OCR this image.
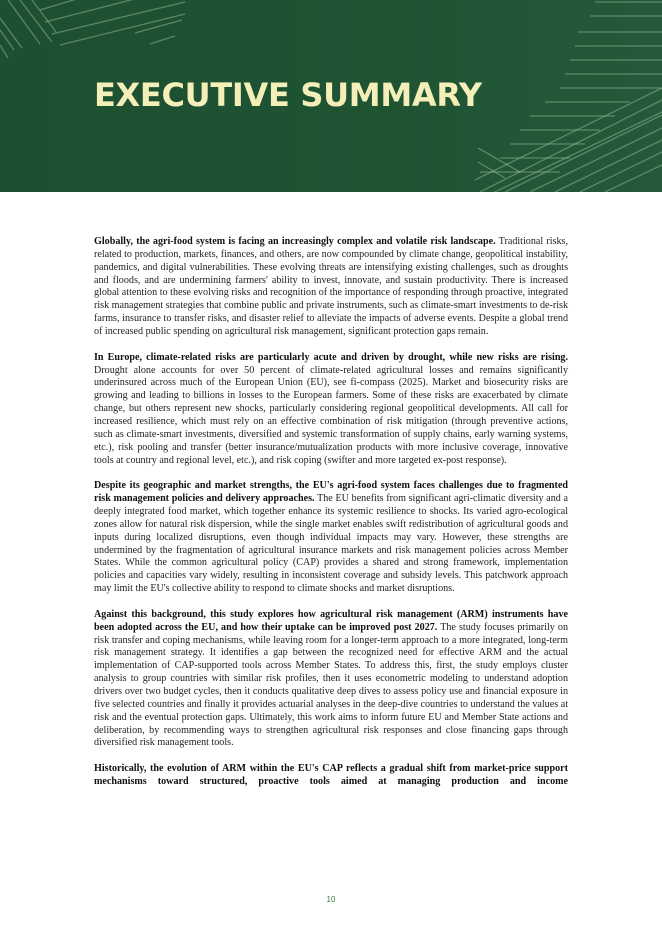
EXECUTIVE SUMMARY

Globally, the agri-food system is facing an increasingly complex and volatile risk landscape. Traditional risks, related to production, markets, finances, and others, are now compounded by climate change, geopolitical instability, pandemics, and digital vulnerabilities. These evolving threats are intensifying existing challenges, such as droughts and floods, and are undermining farmers' ability to invest, innovate, and sustain productivity. There is increased global attention to these evolving risks and recognition of the importance of responding through proactive, integrated risk management strategies that combine public and private instruments, such as climate-smart investments to de-risk farms, insurance to transfer risks, and disaster relief to alleviate the impacts of adverse events. Despite a global trend of increased public spending on agricultural risk management, significant protection gaps remain.

In Europe, climate-related risks are particularly acute and driven by drought, while new risks are rising. Drought alone accounts for over 50 percent of climate-related agricultural losses and remains significantly underinsured across much of the European Union (EU), see fi-compass (2025). Market and biosecurity risks are growing and leading to billions in losses to the European farmers. Some of these risks are exacerbated by climate change, but others represent new shocks, particularly considering regional geopolitical developments. All call for increased resilience, which must rely on an effective combination of risk mitigation (through preventive actions, such as climate-smart investments, diversified and systemic transformation of supply chains, early warning systems, etc.), risk pooling and transfer (better insurance/mutualization products with more inclusive coverage, innovative tools at country and regional level, etc.), and risk coping (swifter and more targeted ex-post response).

Despite its geographic and market strengths, the EU's agri-food system faces challenges due to fragmented risk management policies and delivery approaches. The EU benefits from significant agri-climatic diversity and a deeply integrated food market, which together enhance its systemic resilience to shocks. Its varied agro-ecological zones allow for natural risk dispersion, while the single market enables swift redistribution of agricultural goods and inputs during localized disruptions, even though individual impacts may vary. However, these strengths are undermined by the fragmentation of agricultural insurance markets and risk management policies across Member States. While the common agricultural policy (CAP) provides a shared and strong framework, implementation policies and capacities vary widely, resulting in inconsistent coverage and subsidy levels. This patchwork approach may limit the EU's collective ability to respond to climate shocks and market disruptions.

Against this background, this study explores how agricultural risk management (ARM) instruments have been adopted across the EU, and how their uptake can be improved post 2027. The study focuses primarily on risk transfer and coping mechanisms, while leaving room for a longer-term approach to a more integrated, long-term risk management strategy. It identifies a gap between the recognized need for effective ARM and the actual implementation of CAP-supported tools across Member States. To address this, first, the study employs cluster analysis to group countries with similar risk profiles, then it uses econometric modeling to understand adoption drivers over two budget cycles, then it conducts qualitative deep dives to assess policy use and financial exposure in five selected countries and finally it provides actuarial analyses in the deep-dive countries to understand the values at risk and the eventual protection gaps. Ultimately, this work aims to inform future EU and Member State actions and deliberation, by recommending ways to strengthen agricultural risk responses and close financing gaps through diversified risk management tools.

Historically, the evolution of ARM within the EU's CAP reflects a gradual shift from market-price support mechanisms toward structured, proactive tools aimed at managing production and income

10
